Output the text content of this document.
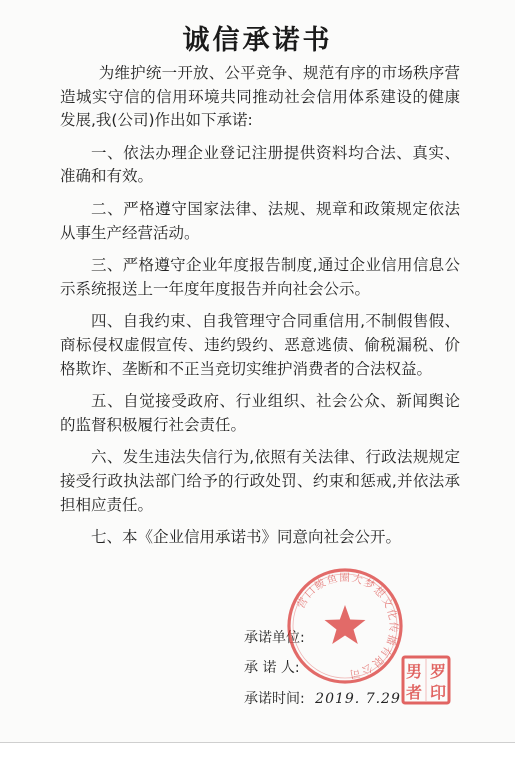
诚信承诺书

为维护统一开放、公平竞争、规范有序的市场秩序营造城实守信的信用环境共同推动社会信用体系建设的健康发展,我(公司)作出如下承诺:

一、依法办理企业登记注册提供资料均合法、真实、准确和有效。

二、严格遵守国家法律、法规、规章和政策规定依法从事生产经营活动。

三、严格遵守企业年度报告制度,通过企业信用信息公示系统报送上一年度年度报告并向社会公示。

四、自我约束、自我管理守合同重信用,不制假售假、商标侵权虚假宣传、违约毁约、恶意逃债、偷税漏税、价格欺诈、垄断和不正当竞切实维护消费者的合法权益。

五、自觉接受政府、行业组织、社会公众、新闻舆论的监督积极履行社会责任。

六、发生违法失信行为,依照有关法律、行政法规规定接受行政执法部门给予的行政处罚、约束和惩戒,并依法承担相应责任。

七、本《企业信用承诺书》同意向社会公开。

承诺单位:
承 诺 人:
承诺时间: 2019. 7.29
营口鲅鱼圈大梦想文化传播有限公司	罗
男
印
者
